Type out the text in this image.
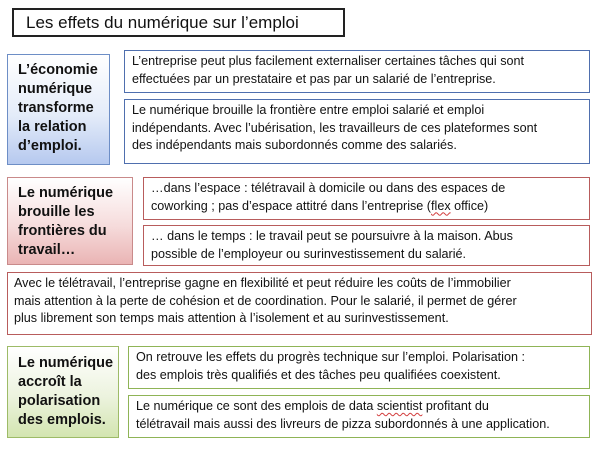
Les effets du numérique sur l’emploi
L’économie
numérique
transforme
la relation
d’emploi.
L’entreprise peut plus facilement externaliser certaines tâches qui sont
effectuées par un prestataire et pas par un salarié de l’entreprise.
Le numérique brouille la frontière entre emploi salarié et emploi
indépendants. Avec l’ubérisation, les travailleurs de ces plateformes sont
des indépendants mais subordonnés comme des salariés.
Le numérique
brouille les
frontières du
travail…
…dans l’espace : télétravail à domicile ou dans des espaces de
coworking ; pas d’espace attitré dans l’entreprise (flex office)
… dans le temps : le travail peut se poursuivre à la maison. Abus
possible de l’employeur ou surinvestissement du salarié.
Avec le télétravail, l’entreprise gagne en flexibilité et peut réduire les coûts de l’immobilier
mais attention à la perte de cohésion et de coordination. Pour le salarié, il permet de gérer
plus librement son temps mais attention à l’isolement et au surinvestissement.
Le numérique
accroît la
polarisation
des emplois.
On retrouve les effets du progrès technique sur l’emploi. Polarisation :
des emplois très qualifiés et des tâches peu qualifiées coexistent.
Le numérique ce sont des emplois de data scientist profitant du
télétravail mais aussi des livreurs de pizza subordonnés à une application.
